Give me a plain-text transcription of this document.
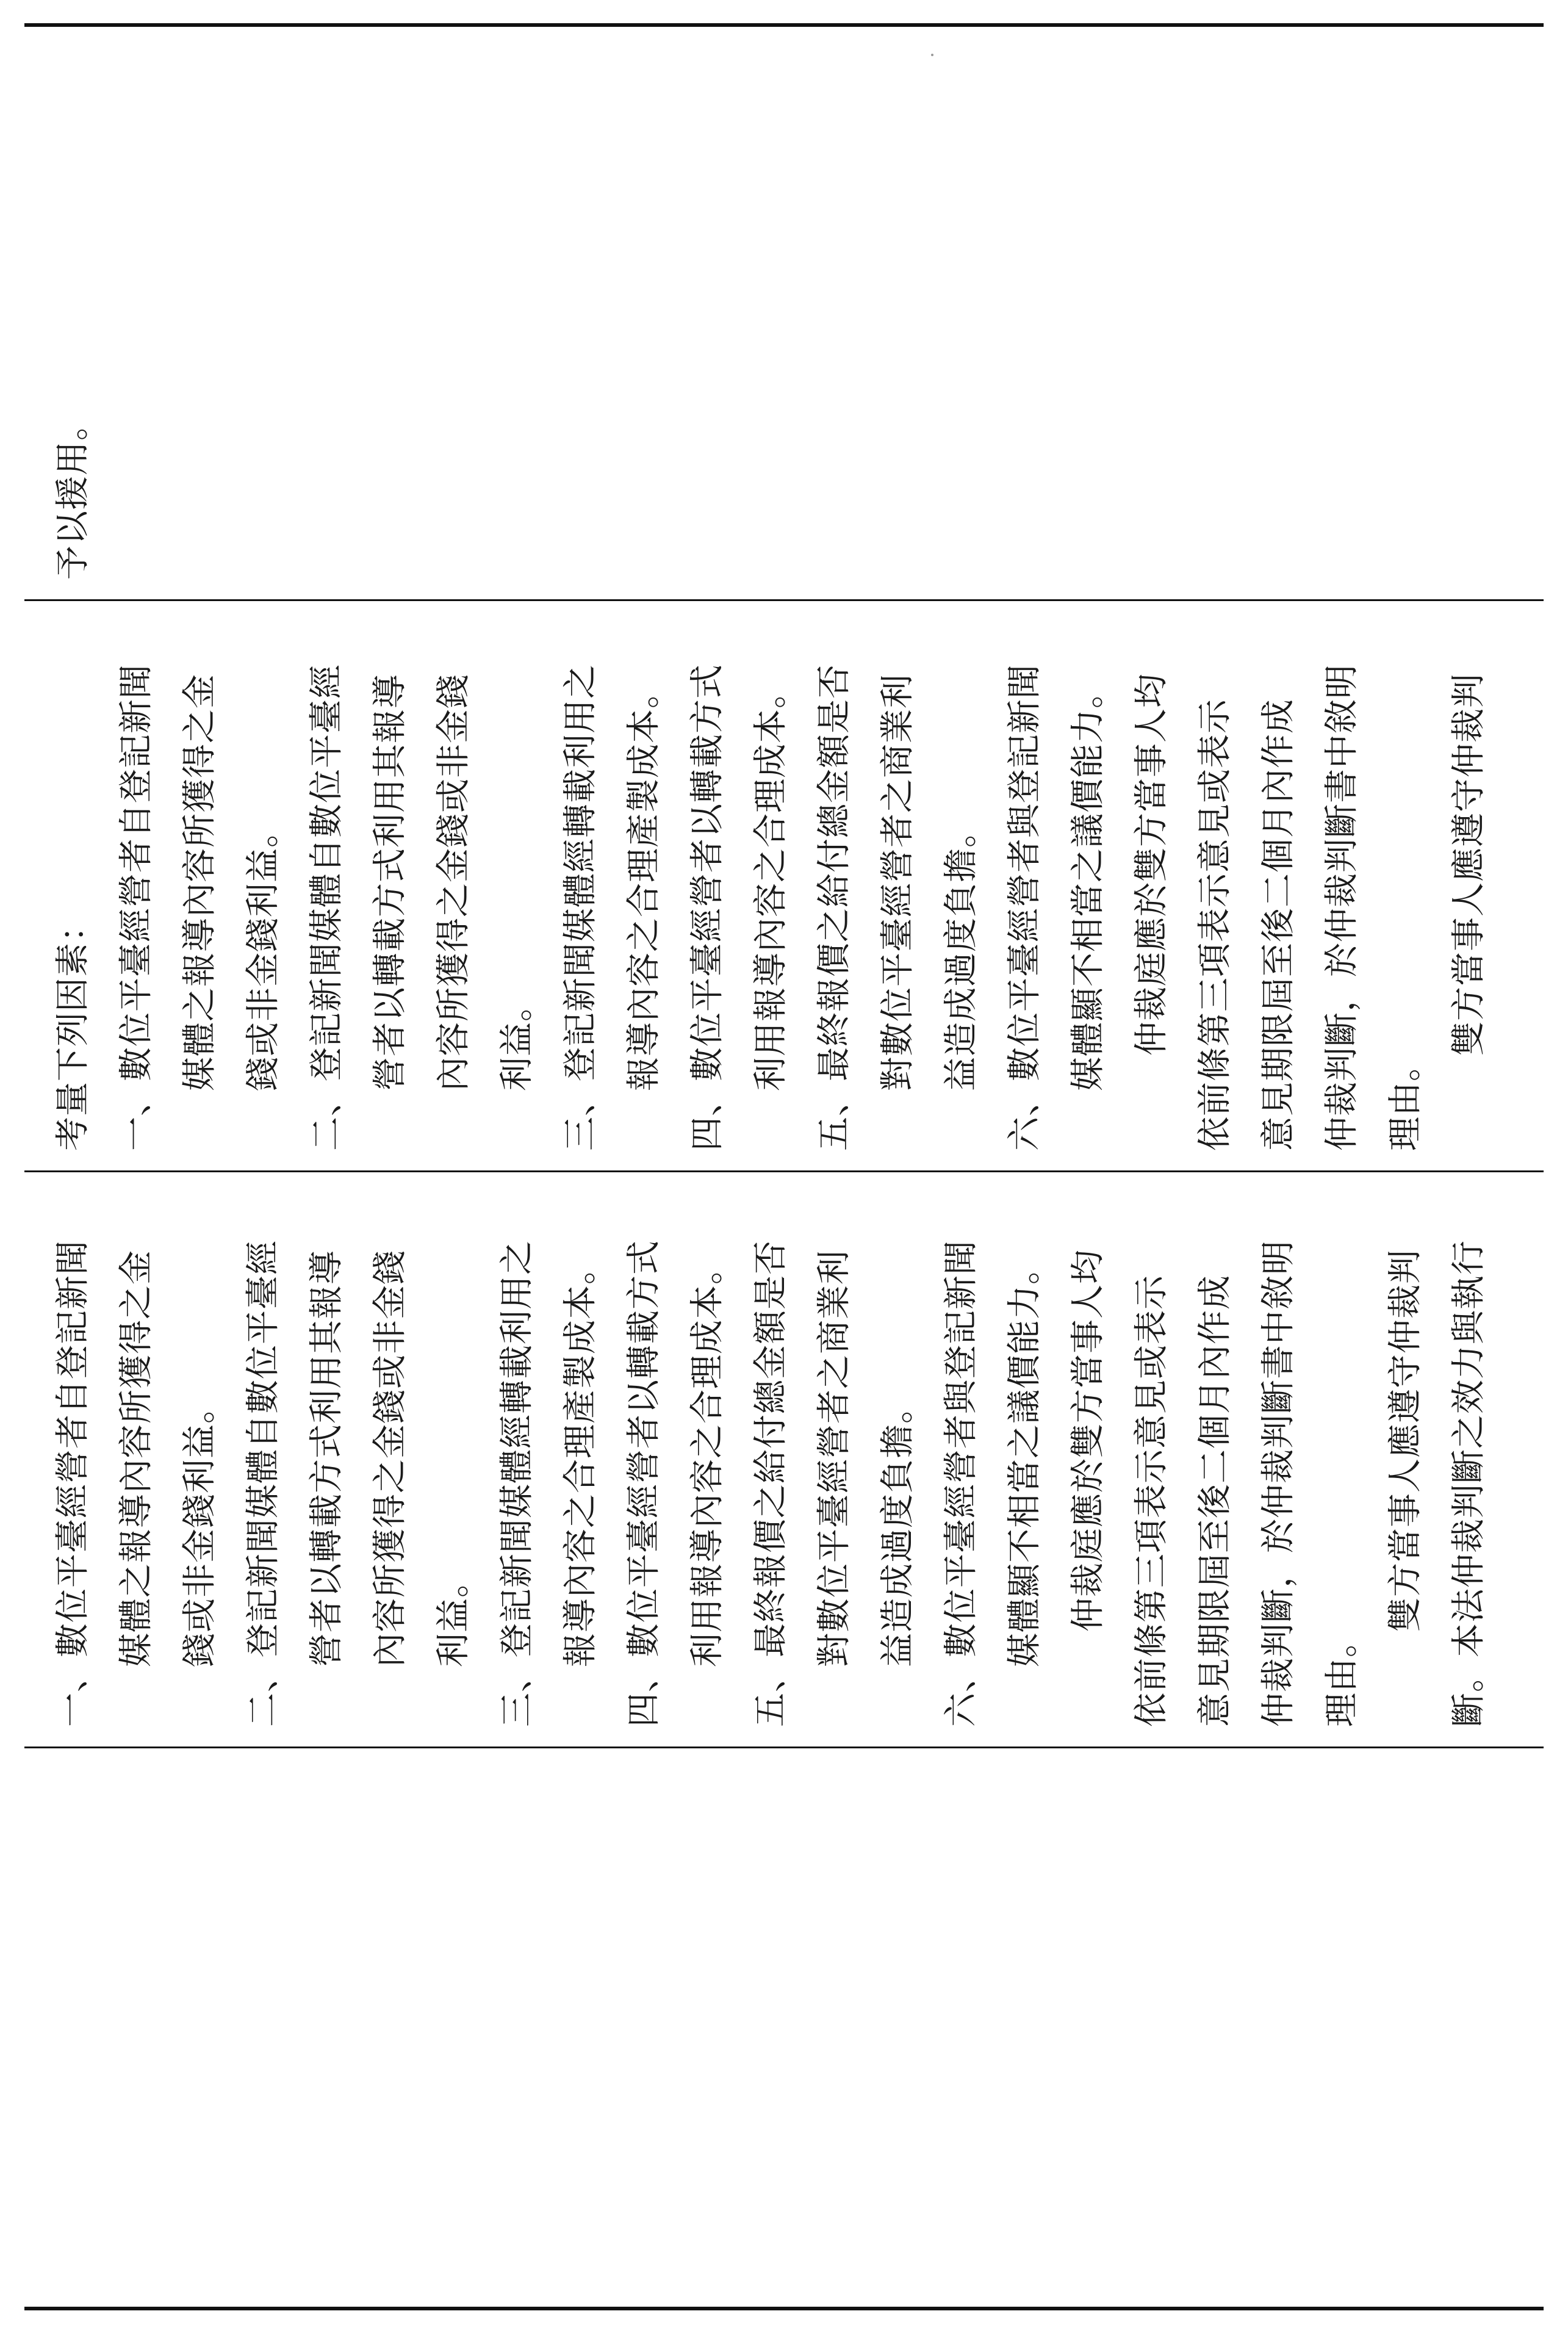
予以援用。
考量下列因素： 一、數位平臺經營者自登記新聞 媒體之報導內容所獲得之金 錢或非金錢利益。 二、登記新聞媒體自數位平臺經 營者以轉載方式利用其報導 內容所獲得之金錢或非金錢 利益。 三、登記新聞媒體經轉載利用之 報導內容之合理產製成本。 四、數位平臺經營者以轉載方式 利用報導內容之合理成本。 五、最終報價之給付總金額是否 對數位平臺經營者之商業利 益造成過度負擔。 六、數位平臺經營者與登記新聞 媒體顯不相當之議價能力。 仲裁庭應於雙方當事人均 依前條第三項表示意見或表示 意見期限屆至後二個月內作成 仲裁判斷，於仲裁判斷書中敘明 理由。
雙方當事人應遵守仲裁判
一、數位平臺經營者自登記新聞 媒體之報導內容所獲得之金 錢或非金錢利益。 二、登記新聞媒體自數位平臺經 營者以轉載方式利用其報導 內容所獲得之金錢或非金錢 利益。 三、登記新聞媒體經轉載利用之 報導內容之合理產製成本。 四、數位平臺經營者以轉載方式 利用報導內容之合理成本。 五、最終報價之給付總金額是否 對數位平臺經營者之商業利 益造成過度負擔。 六、數位平臺經營者與登記新聞 媒體顯不相當之議價能力。 仲裁庭應於雙方當事人均 依前條第三項表示意見或表示 意見期限屆至後二個月內作成 仲裁判斷，於仲裁判斷書中敘明 理由。
雙方當事人應遵守仲裁判 斷。本法仲裁判斷之效力與執行
